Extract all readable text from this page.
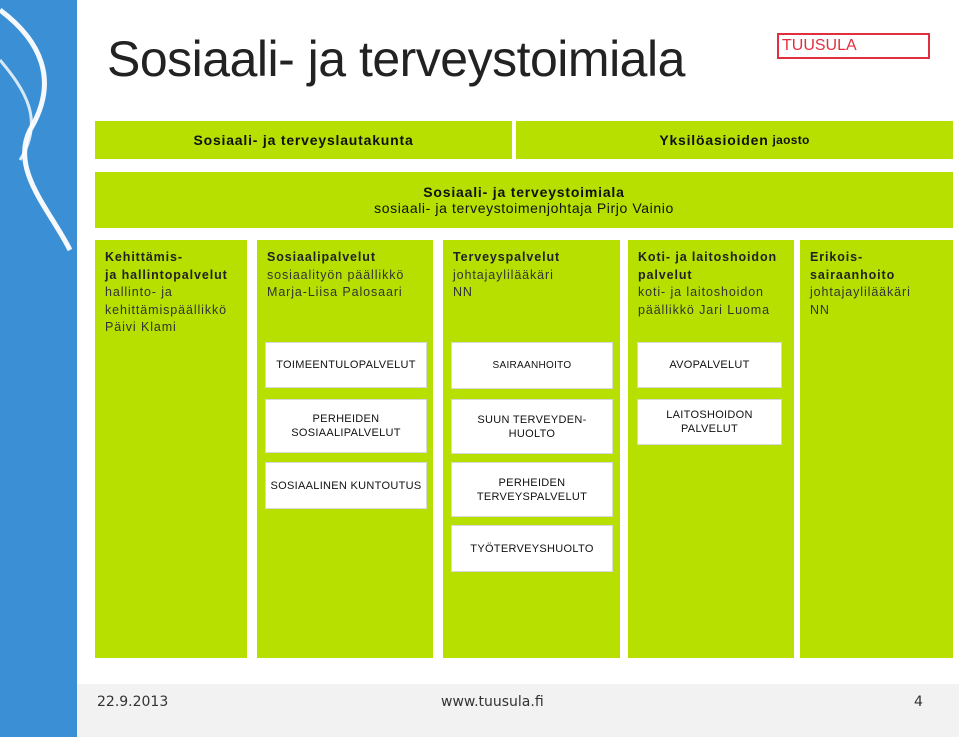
Sosiaali- ja terveystoimiala	TUUSULA
Sosiaali- ja terveyslautakunta	Yksilöasioiden jaosto
Sosiaali- ja terveystoimiala
sosiaali- ja terveystoimenjohtaja Pirjo Vainio
Kehittämis-
ja hallintopalvelut
hallinto- ja
kehittämispäällikkö
Päivi Klami
Sosiaalipalvelut
sosiaalityön päällikkö
Marja-Liisa Palosaari
Terveyspalvelut
johtajaylilääkäri
NN
Koti- ja laitoshoidon
palvelut
koti- ja laitoshoidon
päällikkö Jari Luoma
Erikois-
sairaanhoito
johtajaylilääkäri
NN
TOIMEENTULOPALVELUT
PERHEIDEN
SOSIAALIPALVELUT
SOSIAALINEN KUNTOUTUS
SAIRAANHOITO
SUUN TERVEYDEN-
HUOLTO
PERHEIDEN
TERVEYSPALVELUT
TYÖTERVEYSHUOLTO
AVOPALVELUT
LAITOSHOIDON
PALVELUT
22.9.2013	www.tuusula.fi	4
